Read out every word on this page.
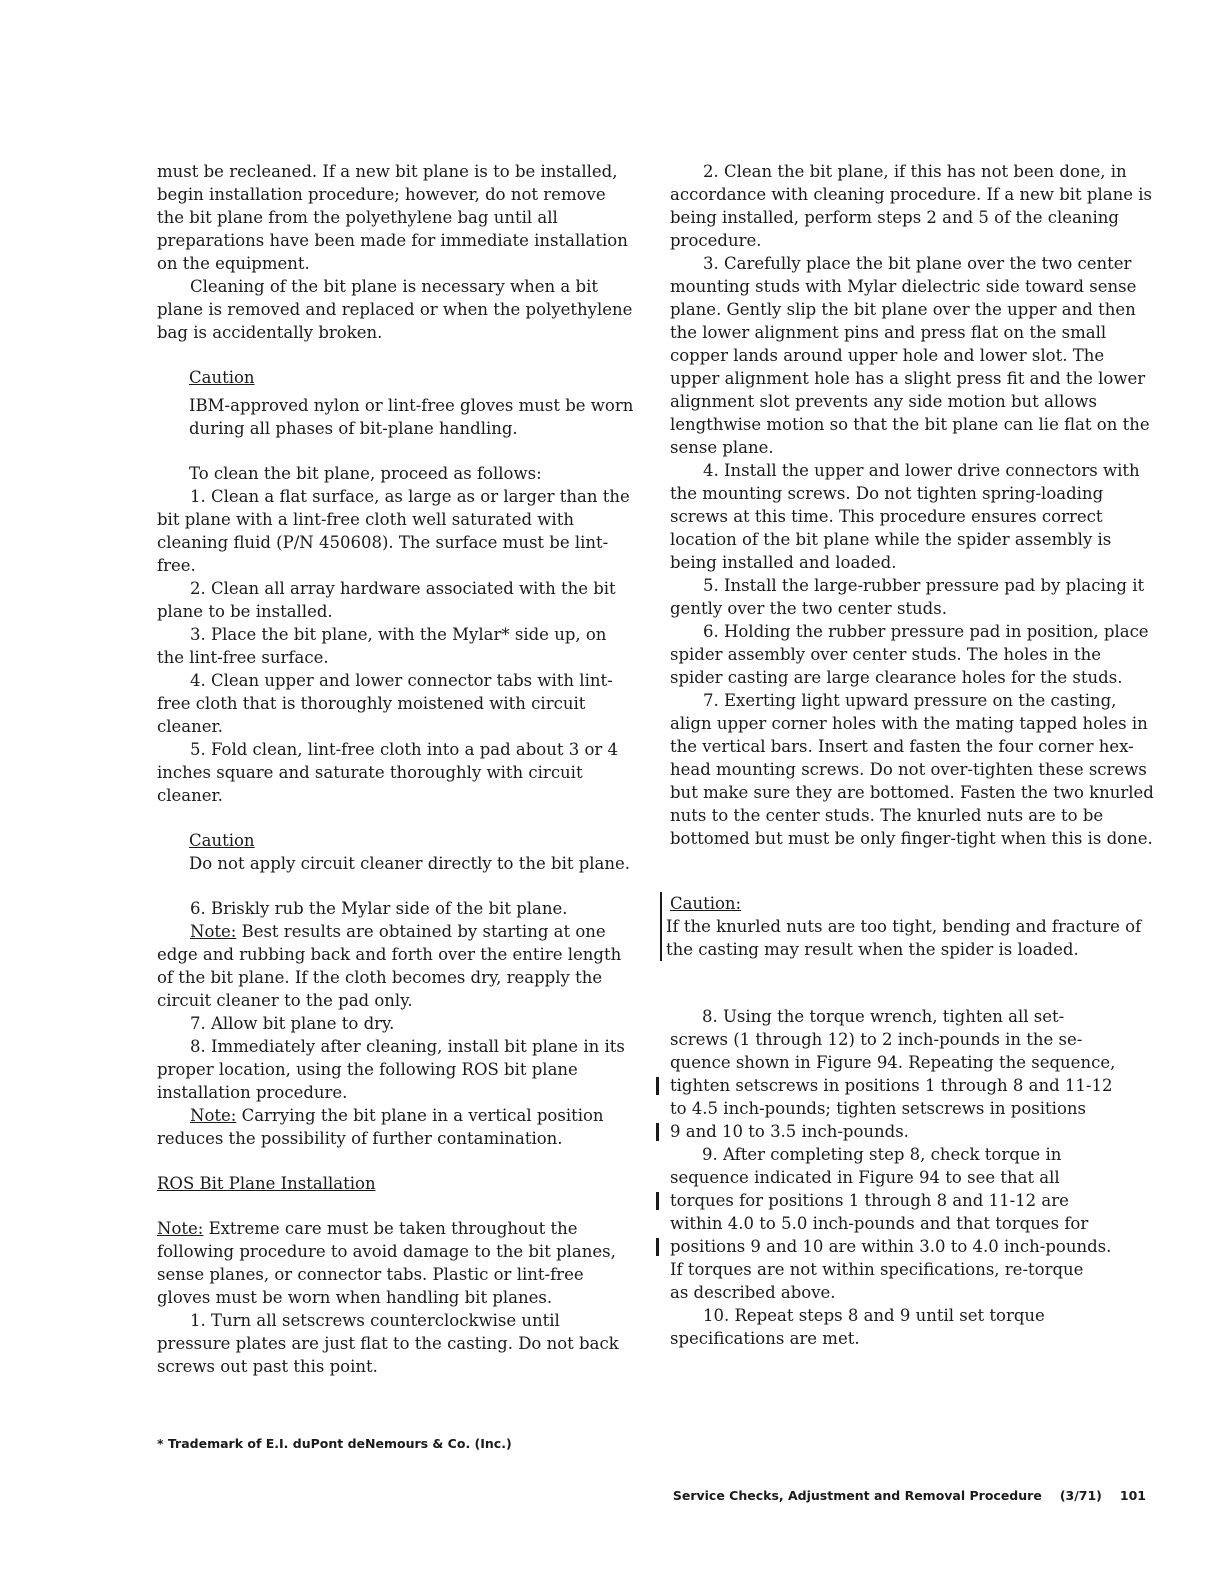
must be recleaned. If a new bit plane is to be installed, begin installation procedure; however, do not remove the bit plane from the polyethylene bag until all preparations have been made for immediate installation on the equipment.

Cleaning of the bit plane is necessary when a bit plane is removed and replaced or when the polyethylene bag is accidentally broken.

Caution

IBM-approved nylon or lint-free gloves must be worn during all phases of bit-plane handling.

To clean the bit plane, proceed as follows:

1. Clean a flat surface, as large as or larger than the bit plane with a lint-free cloth well saturated with cleaning fluid (P/N 450608). The surface must be lint-free.

2. Clean all array hardware associated with the bit plane to be installed.

3. Place the bit plane, with the Mylar* side up, on the lint-free surface.

4. Clean upper and lower connector tabs with lint-free cloth that is thoroughly moistened with circuit cleaner.

5. Fold clean, lint-free cloth into a pad about 3 or 4 inches square and saturate thoroughly with circuit cleaner.

Caution

Do not apply circuit cleaner directly to the bit plane.

6. Briskly rub the Mylar side of the bit plane.

Note: Best results are obtained by starting at one edge and rubbing back and forth over the entire length of the bit plane. If the cloth becomes dry, reapply the circuit cleaner to the pad only.

7. Allow bit plane to dry.

8. Immediately after cleaning, install bit plane in its proper location, using the following ROS bit plane installation procedure.

Note: Carrying the bit plane in a vertical position reduces the possibility of further contamination.

ROS Bit Plane Installation

Note: Extreme care must be taken throughout the following procedure to avoid damage to the bit planes, sense planes, or connector tabs. Plastic or lint-free gloves must be worn when handling bit planes.

1. Turn all setscrews counterclockwise until pressure plates are just flat to the casting. Do not back screws out past this point.

2. Clean the bit plane, if this has not been done, in accordance with cleaning procedure. If a new bit plane is being installed, perform steps 2 and 5 of the cleaning procedure.

3. Carefully place the bit plane over the two center mounting studs with Mylar dielectric side toward sense plane. Gently slip the bit plane over the upper and then the lower alignment pins and press flat on the small copper lands around upper hole and lower slot. The upper alignment hole has a slight press fit and the lower alignment slot prevents any side motion but allows lengthwise motion so that the bit plane can lie flat on the sense plane.

4. Install the upper and lower drive connectors with the mounting screws. Do not tighten spring-loading screws at this time. This procedure ensures correct location of the bit plane while the spider assembly is being installed and loaded.

5. Install the large-rubber pressure pad by placing it gently over the two center studs.

6. Holding the rubber pressure pad in position, place spider assembly over center studs. The holes in the spider casting are large clearance holes for the studs.

7. Exerting light upward pressure on the casting, align upper corner holes with the mating tapped holes in the vertical bars. Insert and fasten the four corner hex-head mounting screws. Do not over-tighten these screws but make sure they are bottomed. Fasten the two knurled nuts to the center studs. The knurled nuts are to be bottomed but must be only finger-tight when this is done.

Caution:

If the knurled nuts are too tight, bending and fracture of the casting may result when the spider is loaded.

8. Using the torque wrench, tighten all set-

screws (1 through 12) to 2 inch-pounds in the se-

quence shown in Figure 94. Repeating the sequence,

tighten setscrews in positions 1 through 8 and 11-12

to 4.5 inch-pounds; tighten setscrews in positions

9 and 10 to 3.5 inch-pounds.

9. After completing step 8, check torque in

sequence indicated in Figure 94 to see that all

torques for positions 1 through 8 and 11-12 are

within 4.0 to 5.0 inch-pounds and that torques for

positions 9 and 10 are within 3.0 to 4.0 inch-pounds.

If torques are not within specifications, re-torque

as described above.

10. Repeat steps 8 and 9 until set torque specifications are met.

* Trademark of E.I. duPont deNemours & Co. (Inc.)
Service Checks, Adjustment and Removal Procedure (3/71) 101
